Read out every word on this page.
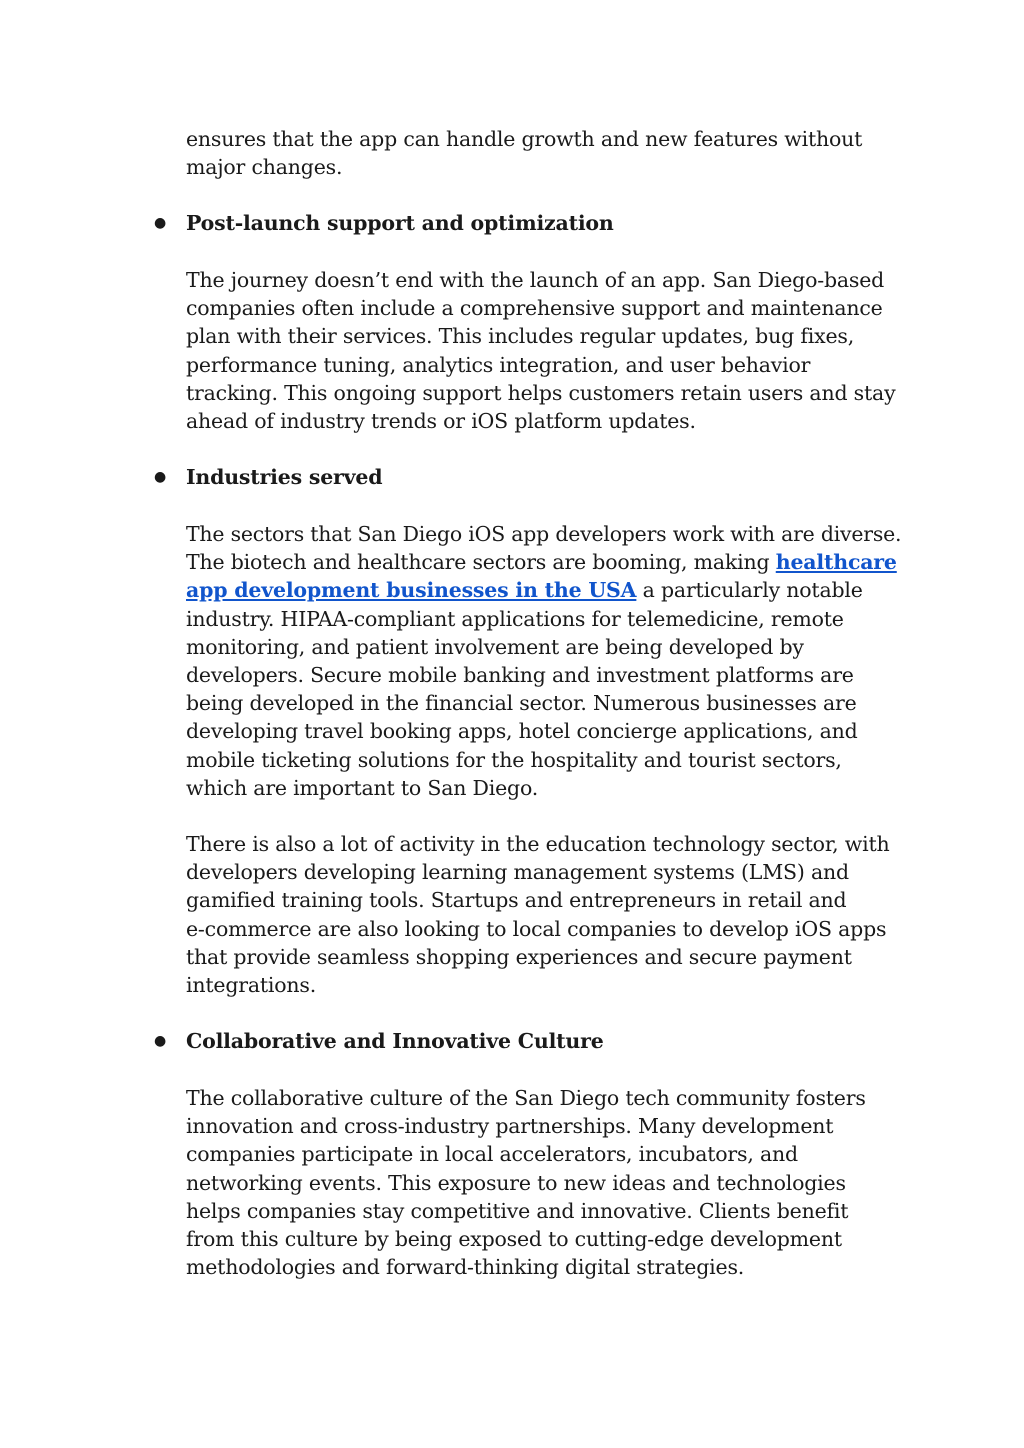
ensures that the app can handle growth and new features without
major changes.

● Post-launch support and optimization

The journey doesn’t end with the launch of an app. San Diego-based
companies often include a comprehensive support and maintenance
plan with their services. This includes regular updates, bug fixes,
performance tuning, analytics integration, and user behavior
tracking. This ongoing support helps customers retain users and stay
ahead of industry trends or iOS platform updates.

● Industries served

The sectors that San Diego iOS app developers work with are diverse.
The biotech and healthcare sectors are booming, making healthcare
app development businesses in the USA a particularly notable
industry. HIPAA-compliant applications for telemedicine, remote
monitoring, and patient involvement are being developed by
developers. Secure mobile banking and investment platforms are
being developed in the financial sector. Numerous businesses are
developing travel booking apps, hotel concierge applications, and
mobile ticketing solutions for the hospitality and tourist sectors,
which are important to San Diego.

There is also a lot of activity in the education technology sector, with
developers developing learning management systems (LMS) and
gamified training tools. Startups and entrepreneurs in retail and
e-commerce are also looking to local companies to develop iOS apps
that provide seamless shopping experiences and secure payment
integrations.

● Collaborative and Innovative Culture

The collaborative culture of the San Diego tech community fosters
innovation and cross-industry partnerships. Many development
companies participate in local accelerators, incubators, and
networking events. This exposure to new ideas and technologies
helps companies stay competitive and innovative. Clients benefit
from this culture by being exposed to cutting-edge development
methodologies and forward-thinking digital strategies.
